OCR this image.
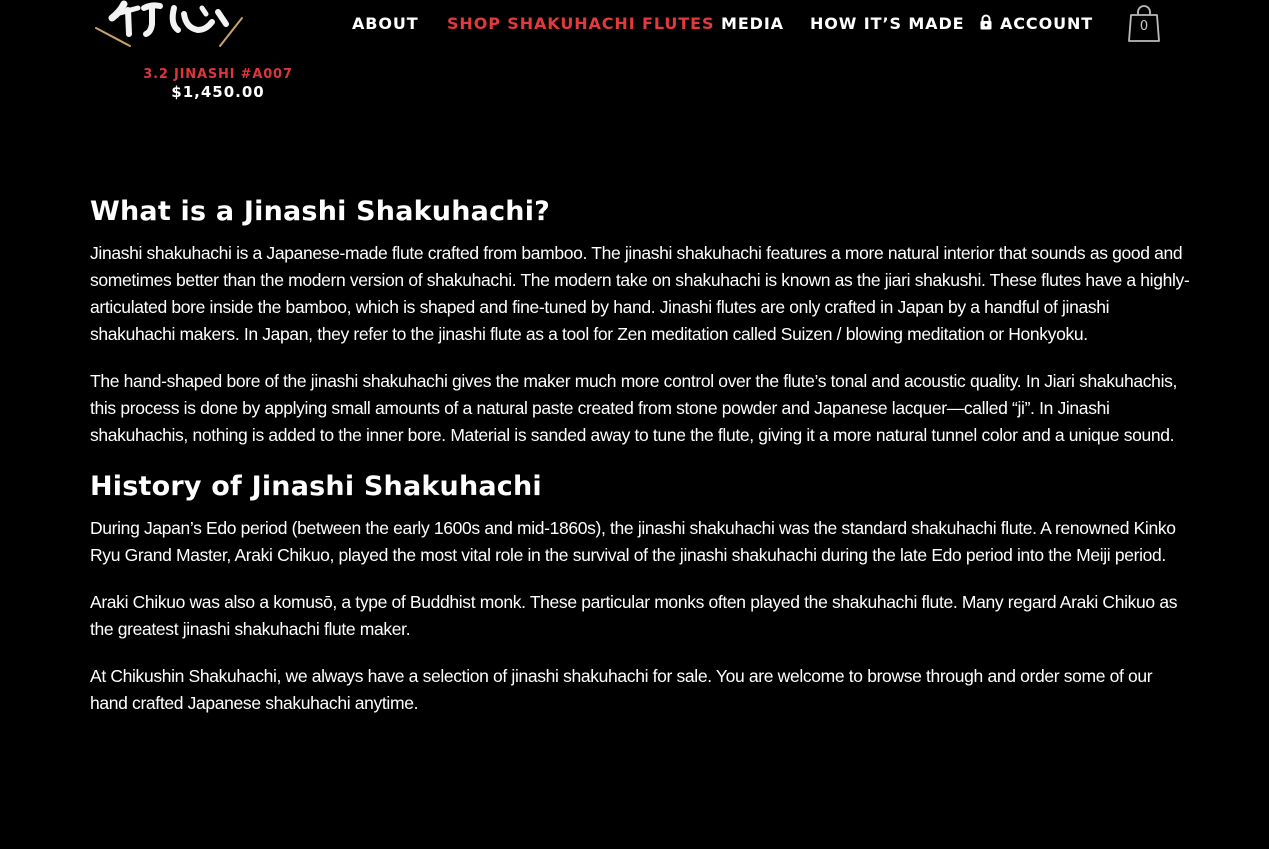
3.2 JINASHI #A007
$1,450.00
ABOUT SHOP SHAKUHACHI FLUTES MEDIA HOW IT’S MADE	ACCOUNT	0
What is a Jinashi Shakuhachi?

Jinashi shakuhachi is a Japanese-made flute crafted from bamboo. The jinashi shakuhachi features a more natural interior that sounds as good and sometimes better than the modern version of shakuhachi. The modern take on shakuhachi is known as the jiari shakushi. These flutes have a highly-articulated bore inside the bamboo, which is shaped and fine-tuned by hand. Jinashi flutes are only crafted in Japan by a handful of jinashi shakuhachi makers. In Japan, they refer to the jinashi flute as a tool for Zen meditation called Suizen / blowing meditation or Honkyoku.

The hand-shaped bore of the jinashi shakuhachi gives the maker much more control over the flute’s tonal and acoustic quality. In Jiari shakuhachis, this process is done by applying small amounts of a natural paste created from stone powder and Japanese lacquer—called “ji”. In Jinashi shakuhachis, nothing is added to the inner bore. Material is sanded away to tune the flute, giving it a more natural tunnel color and a unique sound.

History of Jinashi Shakuhachi

During Japan’s Edo period (between the early 1600s and mid-1860s), the jinashi shakuhachi was the standard shakuhachi flute. A renowned Kinko Ryu Grand Master, Araki Chikuo, played the most vital role in the survival of the jinashi shakuhachi during the late Edo period into the Meiji period.

Araki Chikuo was also a komusō, a type of Buddhist monk. These particular monks often played the shakuhachi flute. Many regard Araki Chikuo as the greatest jinashi shakuhachi flute maker.

At Chikushin Shakuhachi, we always have a selection of jinashi shakuhachi for sale. You are welcome to browse through and order some of our hand crafted Japanese shakuhachi anytime.
